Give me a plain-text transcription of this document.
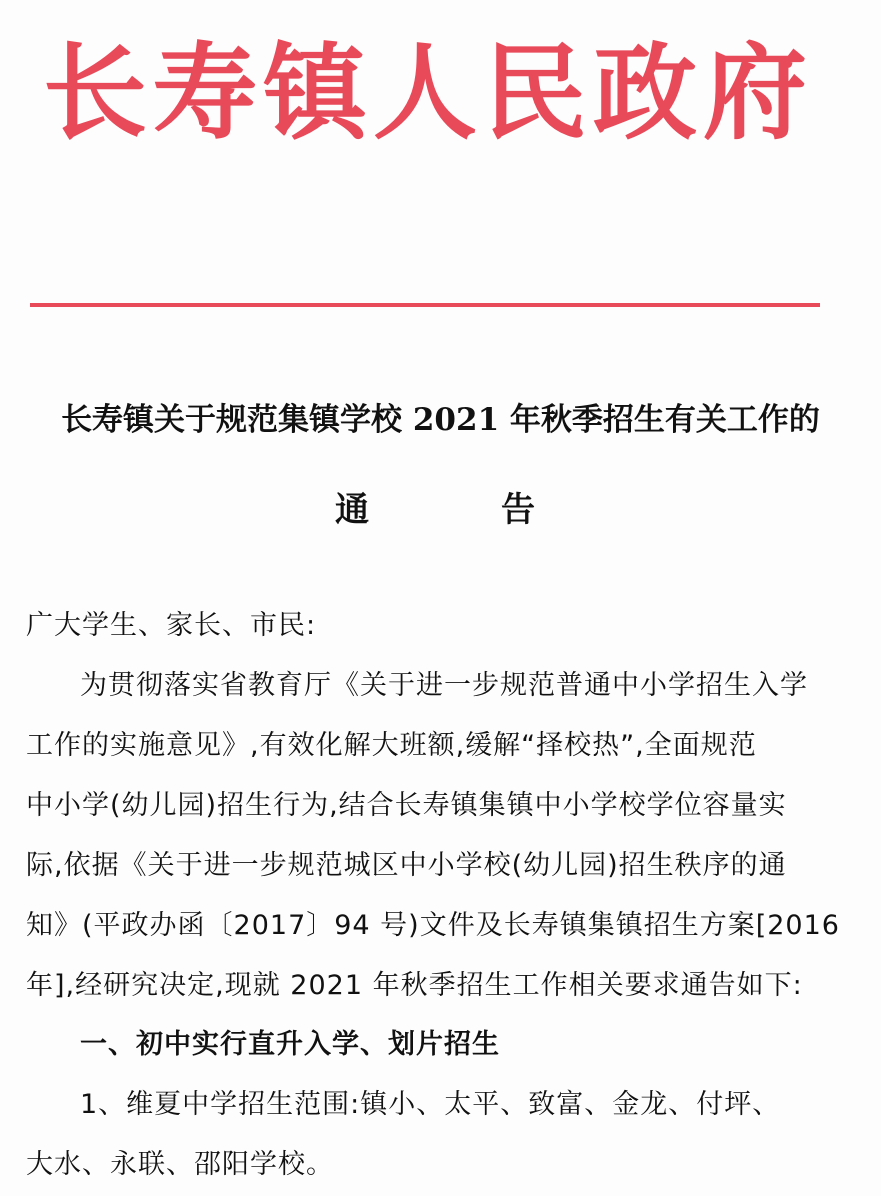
长 寿 镇 人 民 政 府
长寿镇关于规范集镇学校 2021 年秋季招生有关工作的
通	告
广大学生、家长、市民:
为贯彻落实省教育厅《关于进一步规范普通中小学招生入学
工作的实施意见》,有效化解大班额,缓解“择校热”,全面规范
中小学(幼儿园)招生行为,结合长寿镇集镇中小学校学位容量实
际,依据《关于进一步规范城区中小学校(幼儿园)招生秩序的通
知》(平政办函〔2017〕94 号)文件及长寿镇集镇招生方案[2016
年],经研究决定,现就 2021 年秋季招生工作相关要求通告如下:
一、初中实行直升入学、划片招生
1、维夏中学招生范围:镇小、太平、致富、金龙、付坪、
大水、永联、邵阳学校。
